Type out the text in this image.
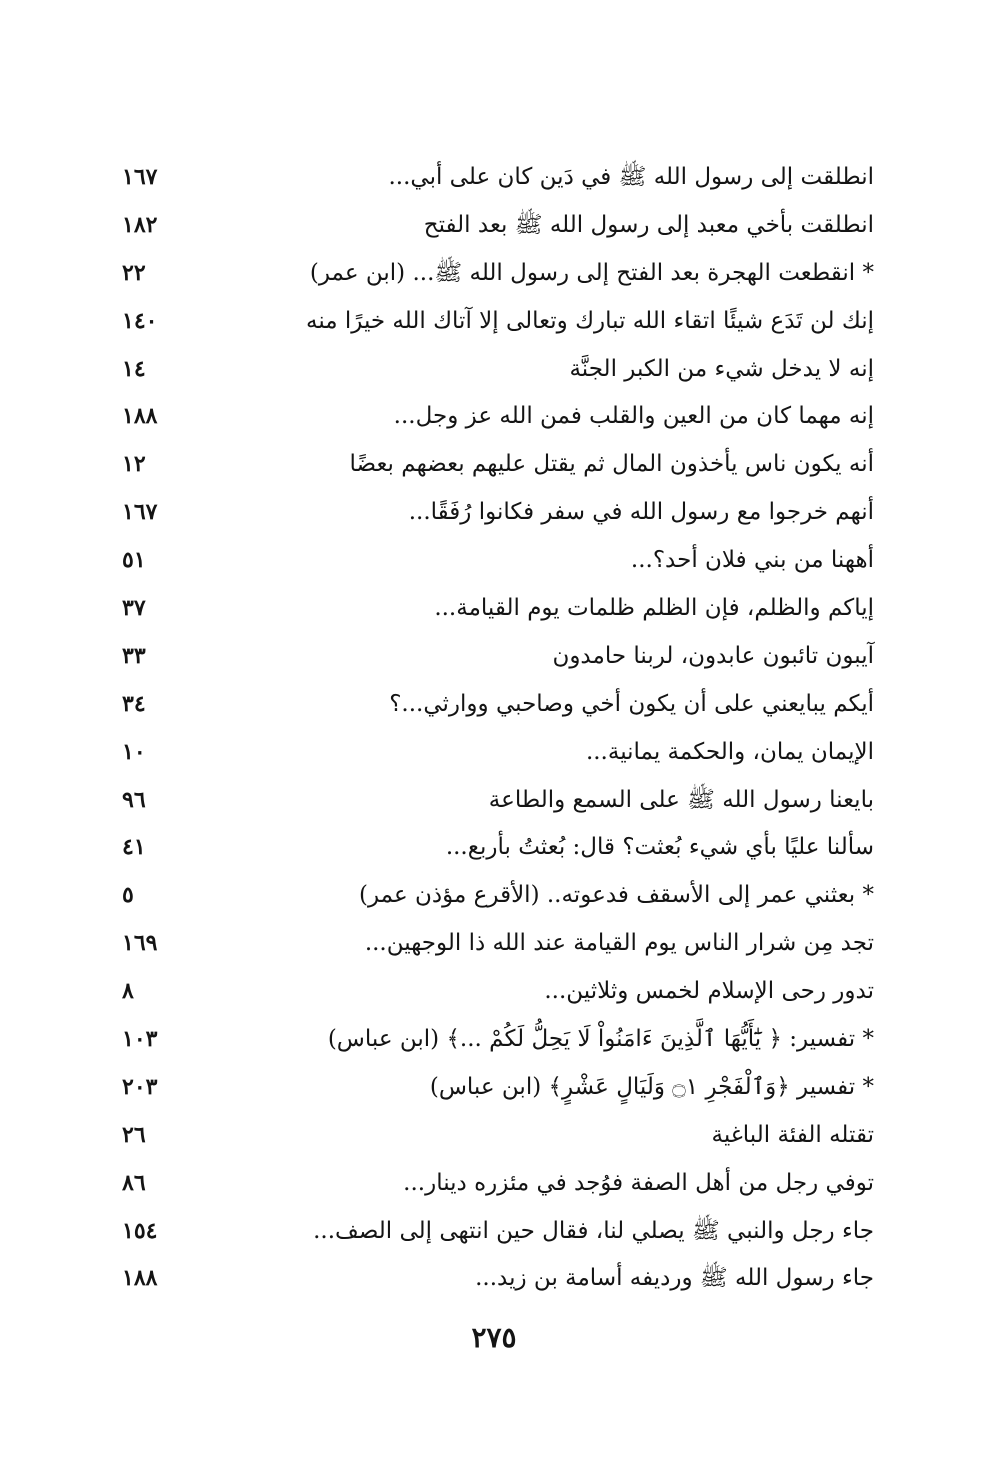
انطلقت إلى رسول الله ﷺ في دَين كان على أبي...
١٦٧
انطلقت بأخي معبد إلى رسول الله ﷺ بعد الفتح
١٨٢
* انقطعت الهجرة بعد الفتح إلى رسول الله ﷺ... (ابن عمر)
٢٢
إنك لن تَدَع شيئًا اتقاء الله تبارك وتعالى إلا آتاك الله خيرًا منه
١٤٠
إنه لا يدخل شيء من الكبر الجنَّة
١٤
إنه مهما كان من العين والقلب فمن الله عز وجل...
١٨٨
أنه يكون ناس يأخذون المال ثم يقتل عليهم بعضهم بعضًا
١٢
أنهم خرجوا مع رسول الله في سفر فكانوا رُفَقًا...
١٦٧
أههنا من بني فلان أحد؟...
٥١
إياكم والظلم، فإن الظلم ظلمات يوم القيامة...
٣٧
آيبون تائبون عابدون، لربنا حامدون
٣٣
أيكم يبايعني على أن يكون أخي وصاحبي ووارثي...؟
٣٤
الإيمان يمان، والحكمة يمانية...
١٠
بايعنا رسول الله ﷺ على السمع والطاعة
٩٦
سألنا عليًا بأي شيء بُعثت؟ قال: بُعثتُ بأربع...
٤١
* بعثني عمر إلى الأسقف فدعوته.. (الأقرع مؤذن عمر)
٥
تجد مِن شرار الناس يوم القيامة عند الله ذا الوجهين...
١٦٩
تدور رحى الإسلام لخمس وثلاثين...
٨
* تفسير: ﴿ يَٰٓأَيُّهَا ٱلَّذِينَ ءَامَنُواْ لَا يَحِلُّ لَكُمْ ...﴾ (ابن عباس)
١٠٣
* تفسير ﴿وَٱلْفَجْرِ ۝١ وَلَيَالٍ عَشْرٍ﴾ (ابن عباس)
٢٠٣
تقتله الفئة الباغية
٢٦
توفي رجل من أهل الصفة فوُجد في مئزره دينار...
٨٦
جاء رجل والنبي ﷺ يصلي لنا، فقال حين انتهى إلى الصف...
١٥٤
جاء رسول الله ﷺ ورديفه أسامة بن زيد...
١٨٨
٢٧٥
